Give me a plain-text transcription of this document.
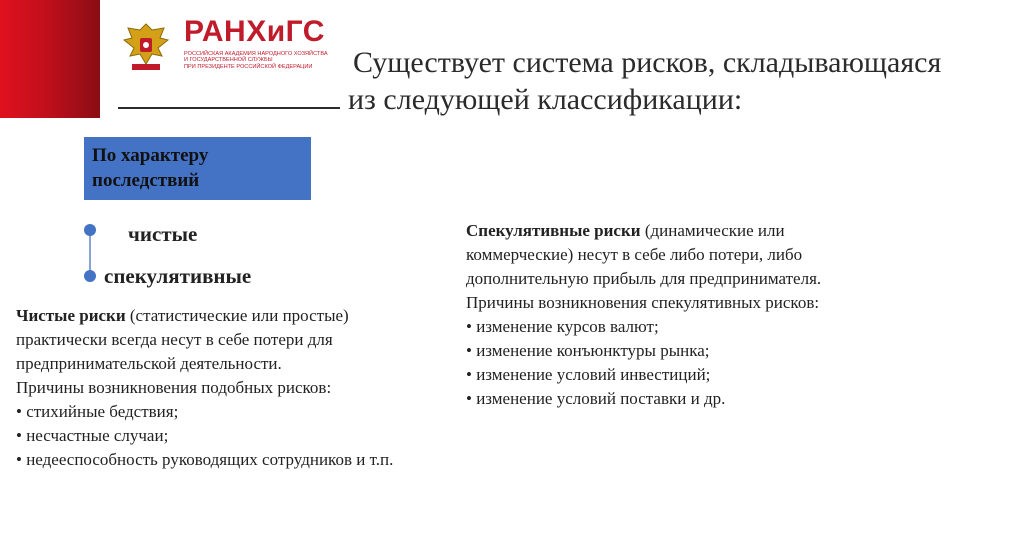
РАНХиГС
РОССИЙСКАЯ АКАДЕМИЯ НАРОДНОГО ХОЗЯЙСТВА
И ГОСУДАРСТВЕННОЙ СЛУЖБЫ
ПРИ ПРЕЗИДЕНТЕ РОССИЙСКОЙ ФЕДЕРАЦИИ	Существует система рисков, складывающаяся
из следующей классификации:
По характеру
последствий
чистые
спекулятивные
Чистые риски (статистические или простые)
практически всегда несут в себе потери для
предпринимательской деятельности.
Причины возникновения подобных рисков:
• стихийные бедствия;
• несчастные случаи;
• недееспособность руководящих сотрудников и т.п.
Спекулятивные риски (динамические или
коммерческие) несут в себе либо потери, либо
дополнительную прибыль для предпринимателя.
Причины возникновения спекулятивных рисков:
• изменение курсов валют;
• изменение конъюнктуры рынка;
• изменение условий инвестиций;
• изменение условий поставки и др.
